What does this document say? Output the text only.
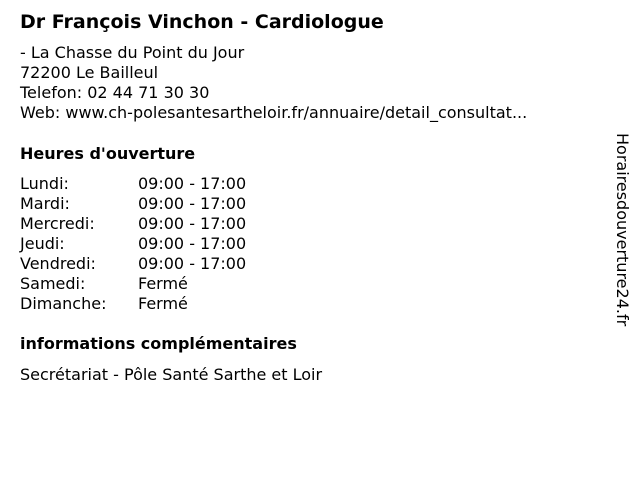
Dr François Vinchon - Cardiologue
- La Chasse du Point du Jour
72200 Le Bailleul
Telefon: 02 44 71 30 30
Web: www.ch-polesantesartheloir.fr/annuaire/detail_consultat...
Heures d'ouverture
Lundi:	09:00 - 17:00
Mardi:	09:00 - 17:00
Mercredi:	09:00 - 17:00
Jeudi:	09:00 - 17:00
Vendredi:	09:00 - 17:00
Samedi:	Fermé
Dimanche: Fermé
informations complémentaires
Secrétariat - Pôle Santé Sarthe et Loir
Horairesdouverture24.fr
